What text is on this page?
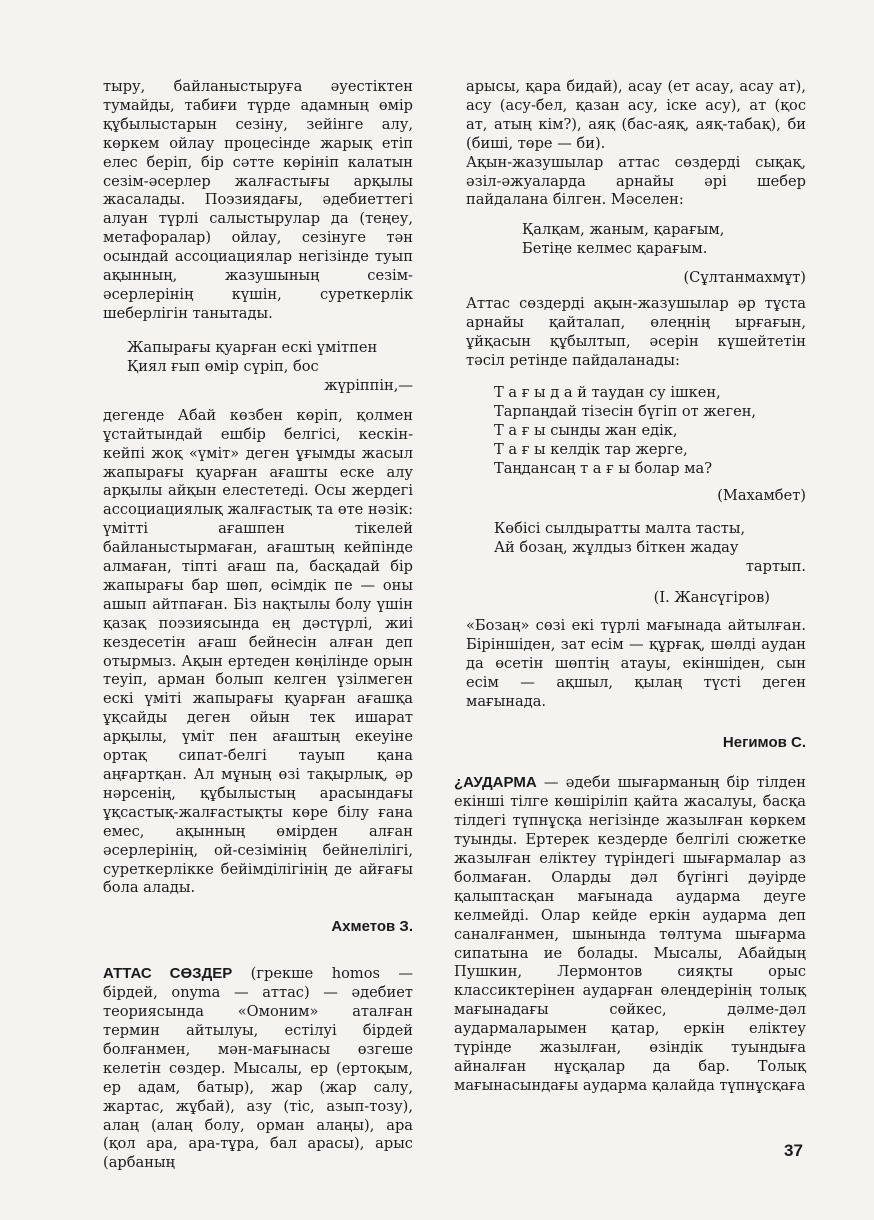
тыру, байланыстыруға әуестіктен тумайды, табиғи түрде адамның өмір құбылыстарын сезіну, зейінге алу, көркем ойлау процесінде жарық етіп елес беріп, бір сәтте көрініп калатын сезім-әсерлер жалғастығы арқылы жасалады. Поэзиядағы, әдебиеттегі алуан түрлі салыстырулар да (теңеу, метафоралар) ойлау, сезінуге тән осындай ассоциациялар негізінде туып ақынның, жазушының сезім-әсерлерінің күшін, суреткерлік шеберлігін танытады.

Жапырағы қуарған ескі үмітпен
Қиял ғып өмір сүріп, бос
жүріппін,—

дегенде Абай көзбен көріп, қолмен ұстайтындай ешбір белгісі, кескін-кейпі жоқ «үміт» деген ұғымды жасыл жапырағы қуарған ағашты еске алу арқылы айқын елестетеді. Осы жердегі ассоциациялық жалғастық та өте нәзік: үмітті ағашпен тікелей байланыстырмаған, ағаштың кейпінде алмаған, тіпті ағаш па, басқадай бір жапырағы бар шөп, өсімдік пе — оны ашып айтпаған. Біз нақтылы болу үшін қазақ поэзиясында ең дәстүрлі, жиі кездесетін ағаш бейнесін алған деп отырмыз. Ақын ертеден көңілінде орын теуіп, арман болып келген үзілмеген ескі үміті жапырағы қуарған ағашқа ұқсайды деген ойын тек ишарат арқылы, үміт пен ағаштың екеуіне ортақ сипат-белгі тауып қана аңғартқан. Ал мұның өзі тақырлық, әр нәрсенің, құбылыстың арасындағы ұқсастық-жалғастықты көре білу ғана емес, ақынның өмірден алған әсерлерінің, ой-сезімінің бейнелілігі, суреткерлікке бейімділігінің де айғағы бола алады.

Ахметов З.

АТТАС СӨЗДЕР (грекше homos — бірдей, onyma — аттас) — әдебиет теориясында «Омоним» аталған термин айтылуы, естілуі бірдей болғанмен, мән-мағынасы өзгеше келетін сөздер. Мысалы, ер (ертоқым, ер адам, батыр), жар (жар салу, жартас, жұбай), азу (тіс, азып-тозу), алаң (алаң болу, орман алаңы), ара (қол ара, ара-тұра, бал арасы), арыс (арбаның

арысы, қара бидай), асау (ет асау, асау ат), асу (асу-бел, қазан асу, іске асу), ат (қос ат, атың кім?), аяқ (бас-аяқ, аяқ-табақ), би (биші, төре — би).

Ақын-жазушылар аттас сөздерді сықақ, әзіл-әжуаларда арнайы әрі шебер пайдалана білген. Мәселен:

Қалқам, жаным, қарағым,
Бетіңе келмес қарағым.

(Сұлтанмахмұт)

Аттас сөздерді ақын-жазушылар әр тұста арнайы қайталап, өлеңнің ырғағын, ұйқасын құбылтып, әсерін күшейтетін тәсіл ретінде пайдаланады:

Т а ғ ы д а й таудан су ішкен,
Тарпаңдай тізесін бүгіп от жеген,
Т а ғ ы сынды жан едік,
Т а ғ ы келдік тар жерге,
Таңдансаң т а ғ ы болар ма?

(Махамбет)

Көбісі сылдыратты малта тасты,
Ай бозаң, жұлдыз біткен жадау
тартып.

(І. Жансүгіров)

«Бозаң» сөзі екі түрлі мағынада айтылған. Біріншіден, зат есім — құрғақ, шөлді аудан да өсетін шөптің атауы, екіншіден, сын есім — ақшыл, қылаң түсті деген мағынада.

Негимов С.

¿АУДАРМА — әдеби шығарманың бір тілден екінші тілге көшіріліп қайта жасалуы, басқа тілдегі түпнұсқа негізінде жазылған көркем туынды. Ертерек кездерде белгілі сюжетке жазылған еліктеу түріндегі шығармалар аз болмаған. Оларды дәл бүгінгі дәуірде қалыптасқан мағынада аударма деуге келмейді. Олар кейде еркін аударма деп саналғанмен, шынында төлтума шығарма сипатына ие болады. Мысалы, Абайдың Пушкин, Лермонтов сияқты орыс классиктерінен аударған өлеңдерінің толық мағынадағы сөйкес, дәлме-дәл аудармаларымен қатар, еркін еліктеу түрінде жазылған, өзіндік туындыға айналған нұсқалар да бар. Толық мағынасындағы аударма қалайда түпнұсқаға

37
